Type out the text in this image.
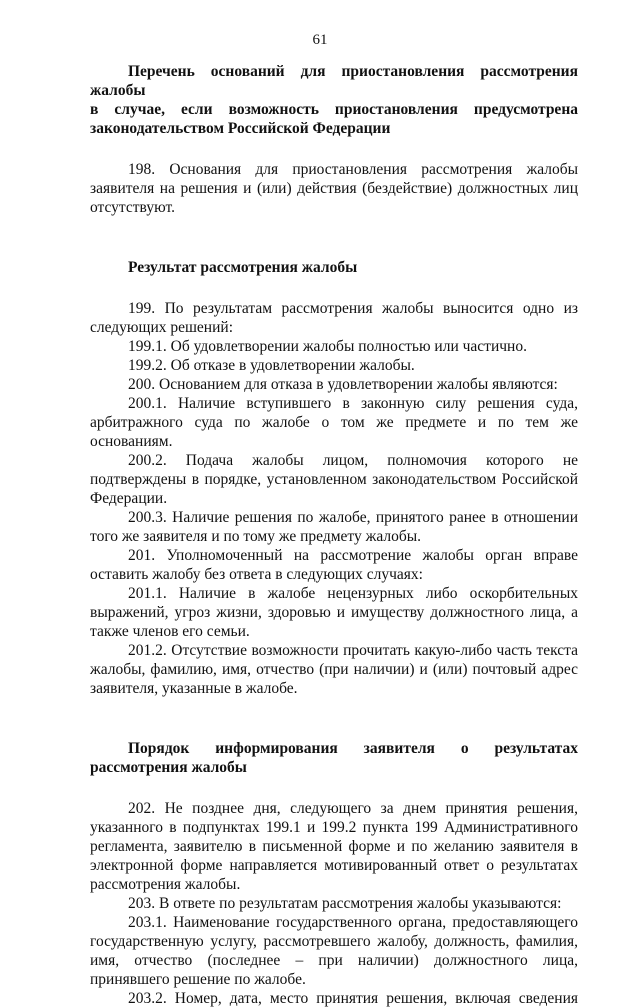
61
Перечень оснований для приостановления рассмотрения жалобы
в случае, если возможность приостановления предусмотрена
законодательством Российской Федерации

198. Основания для приостановления рассмотрения жалобы заявителя на решения и (или) действия (бездействие) должностных лиц отсутствуют.

Результат рассмотрения жалобы

199. По результатам рассмотрения жалобы выносится одно из следующих решений:

199.1. Об удовлетворении жалобы полностью или частично.

199.2. Об отказе в удовлетворении жалобы.

200. Основанием для отказа в удовлетворении жалобы являются:

200.1. Наличие вступившего в законную силу решения суда, арбитражного суда по жалобе о том же предмете и по тем же основаниям.

200.2. Подача жалобы лицом, полномочия которого не подтверждены в порядке, установленном законодательством Российской Федерации.

200.3. Наличие решения по жалобе, принятого ранее в отношении того же заявителя и по тому же предмету жалобы.

201. Уполномоченный на рассмотрение жалобы орган вправе оставить жалобу без ответа в следующих случаях:

201.1. Наличие в жалобе нецензурных либо оскорбительных выражений, угроз жизни, здоровью и имуществу должностного лица, а также членов его семьи.

201.2. Отсутствие возможности прочитать какую-либо часть текста жалобы, фамилию, имя, отчество (при наличии) и (или) почтовый адрес заявителя, указанные в жалобе.

Порядок информирования заявителя о результатах
рассмотрения жалобы

202. Не позднее дня, следующего за днем принятия решения, указанного в подпунктах 199.1 и 199.2 пункта 199 Административного регламента, заявителю в письменной форме и по желанию заявителя в электронной форме направляется мотивированный ответ о результатах рассмотрения жалобы.

203. В ответе по результатам рассмотрения жалобы указываются:

203.1. Наименование государственного органа, предоставляющего государственную услугу, рассмотревшего жалобу, должность, фамилия, имя, отчество (последнее – при наличии) должностного лица, принявшего решение по жалобе.

203.2. Номер, дата, место принятия решения, включая сведения
